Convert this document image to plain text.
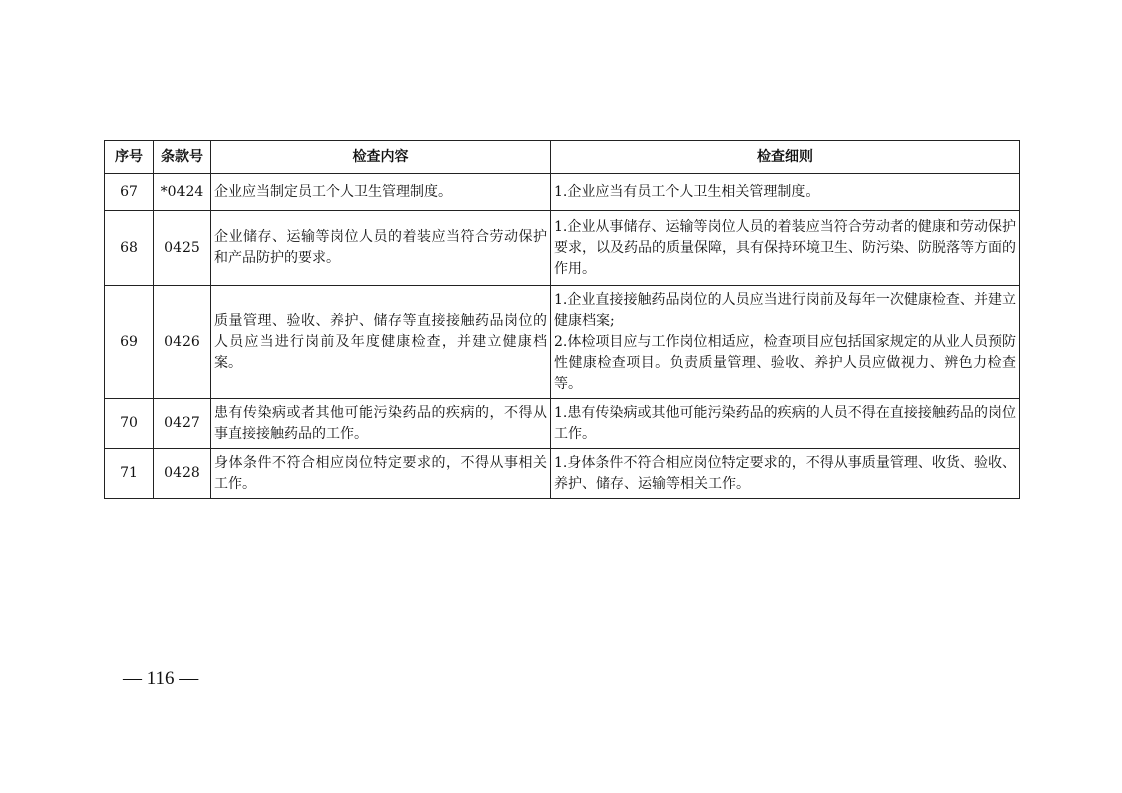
序号	条款号	检查内容	检查细则
67	*0424	企业应当制定员工个人卫生管理制度。	1.企业应当有员工个人卫生相关管理制度。
68	0425	企业储存、运输等岗位人员的着装应当符合劳动保护和产品防护的要求。	1.企业从事储存、运输等岗位人员的着装应当符合劳动者的健康和劳动保护要求，以及药品的质量保障，具有保持环境卫生、防污染、防脱落等方面的作用。
69	0426	质量管理、验收、养护、储存等直接接触药品岗位的人员应当进行岗前及年度健康检查，并建立健康档案。	1.企业直接接触药品岗位的人员应当进行岗前及每年一次健康检查、并建立健康档案;
2.体检项目应与工作岗位相适应，检查项目应包括国家规定的从业人员预防性健康检查项目。负责质量管理、验收、养护人员应做视力、辨色力检查等。
70	0427	患有传染病或者其他可能污染药品的疾病的，不得从事直接接触药品的工作。	1.患有传染病或其他可能污染药品的疾病的人员不得在直接接触药品的岗位工作。
71	0428	身体条件不符合相应岗位特定要求的，不得从事相关工作。	1.身体条件不符合相应岗位特定要求的，不得从事质量管理、收货、验收、养护、储存、运输等相关工作。
— 116 —
